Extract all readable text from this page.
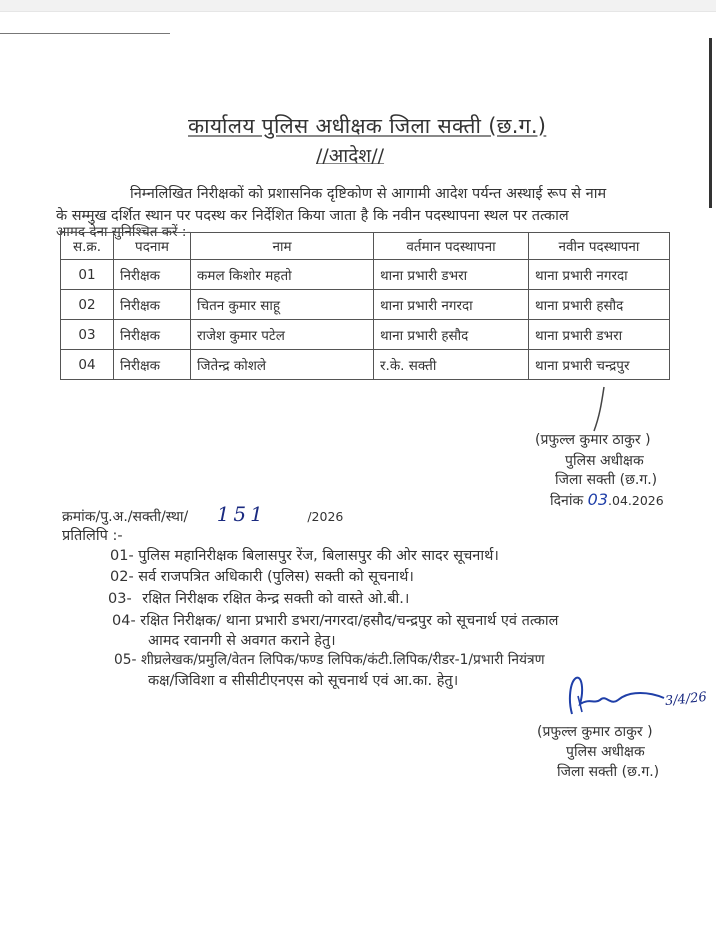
कार्यालय पुलिस अधीक्षक जिला सक्ती (छ.ग.)
//आदेश//
निम्नलिखित निरीक्षकों को प्रशासनिक दृष्टिकोण से आगामी आदेश पर्यन्त अस्थाई रूप से नाम
के सम्मुख दर्शित स्थान पर पदस्थ कर निर्देशित किया जाता है कि नवीन पदस्थापना स्थल पर तत्काल
आमद देना सुनिश्चित करें :-
स.क्र.	पदनाम	नाम	वर्तमान पदस्थापना	नवीन पदस्थापना
01	निरीक्षक	कमल किशोर महतो	थाना प्रभारी डभरा	थाना प्रभारी नगरदा
02	निरीक्षक	चितन कुमार साहू	थाना प्रभारी नगरदा	थाना प्रभारी हसौद
03	निरीक्षक	राजेश कुमार पटेल	थाना प्रभारी हसौद	थाना प्रभारी डभरा
04	निरीक्षक	जितेन्द्र कोशले	र.के. सक्ती	थाना प्रभारी चन्द्रपुर
(प्रफुल्ल कुमार ठाकुर )
पुलिस अधीक्षक
जिला सक्ती (छ.ग.)
दिनांक 03.04.2026
क्रमांक/पु.अ./सक्ती/स्था/ 151	/2026
प्रतिलिपि :-
01- पुलिस महानिरीक्षक बिलासपुर रेंज, बिलासपुर की ओर सादर सूचनार्थ।
02- सर्व राजपत्रित अधिकारी (पुलिस) सक्ती को सूचनार्थ।
03- रक्षित निरीक्षक रक्षित केन्द्र सक्ती को वास्ते ओ.बी.।
04- रक्षित निरीक्षक/ थाना प्रभारी डभरा/नगरदा/हसौद/चन्द्रपुर को सूचनार्थ एवं तत्काल
आमद रवानगी से अवगत कराने हेतु।
05- शीघ्रलेखक/प्रमुलि/वेतन लिपिक/फण्ड लिपिक/कंटी.लिपिक/रीडर-1/प्रभारी नियंत्रण
कक्ष/जिविशा व सीसीटीएनएस को सूचनार्थ एवं आ.का. हेतु।
3/4/26
(प्रफुल्ल कुमार ठाकुर )
पुलिस अधीक्षक
जिला सक्ती (छ.ग.)
